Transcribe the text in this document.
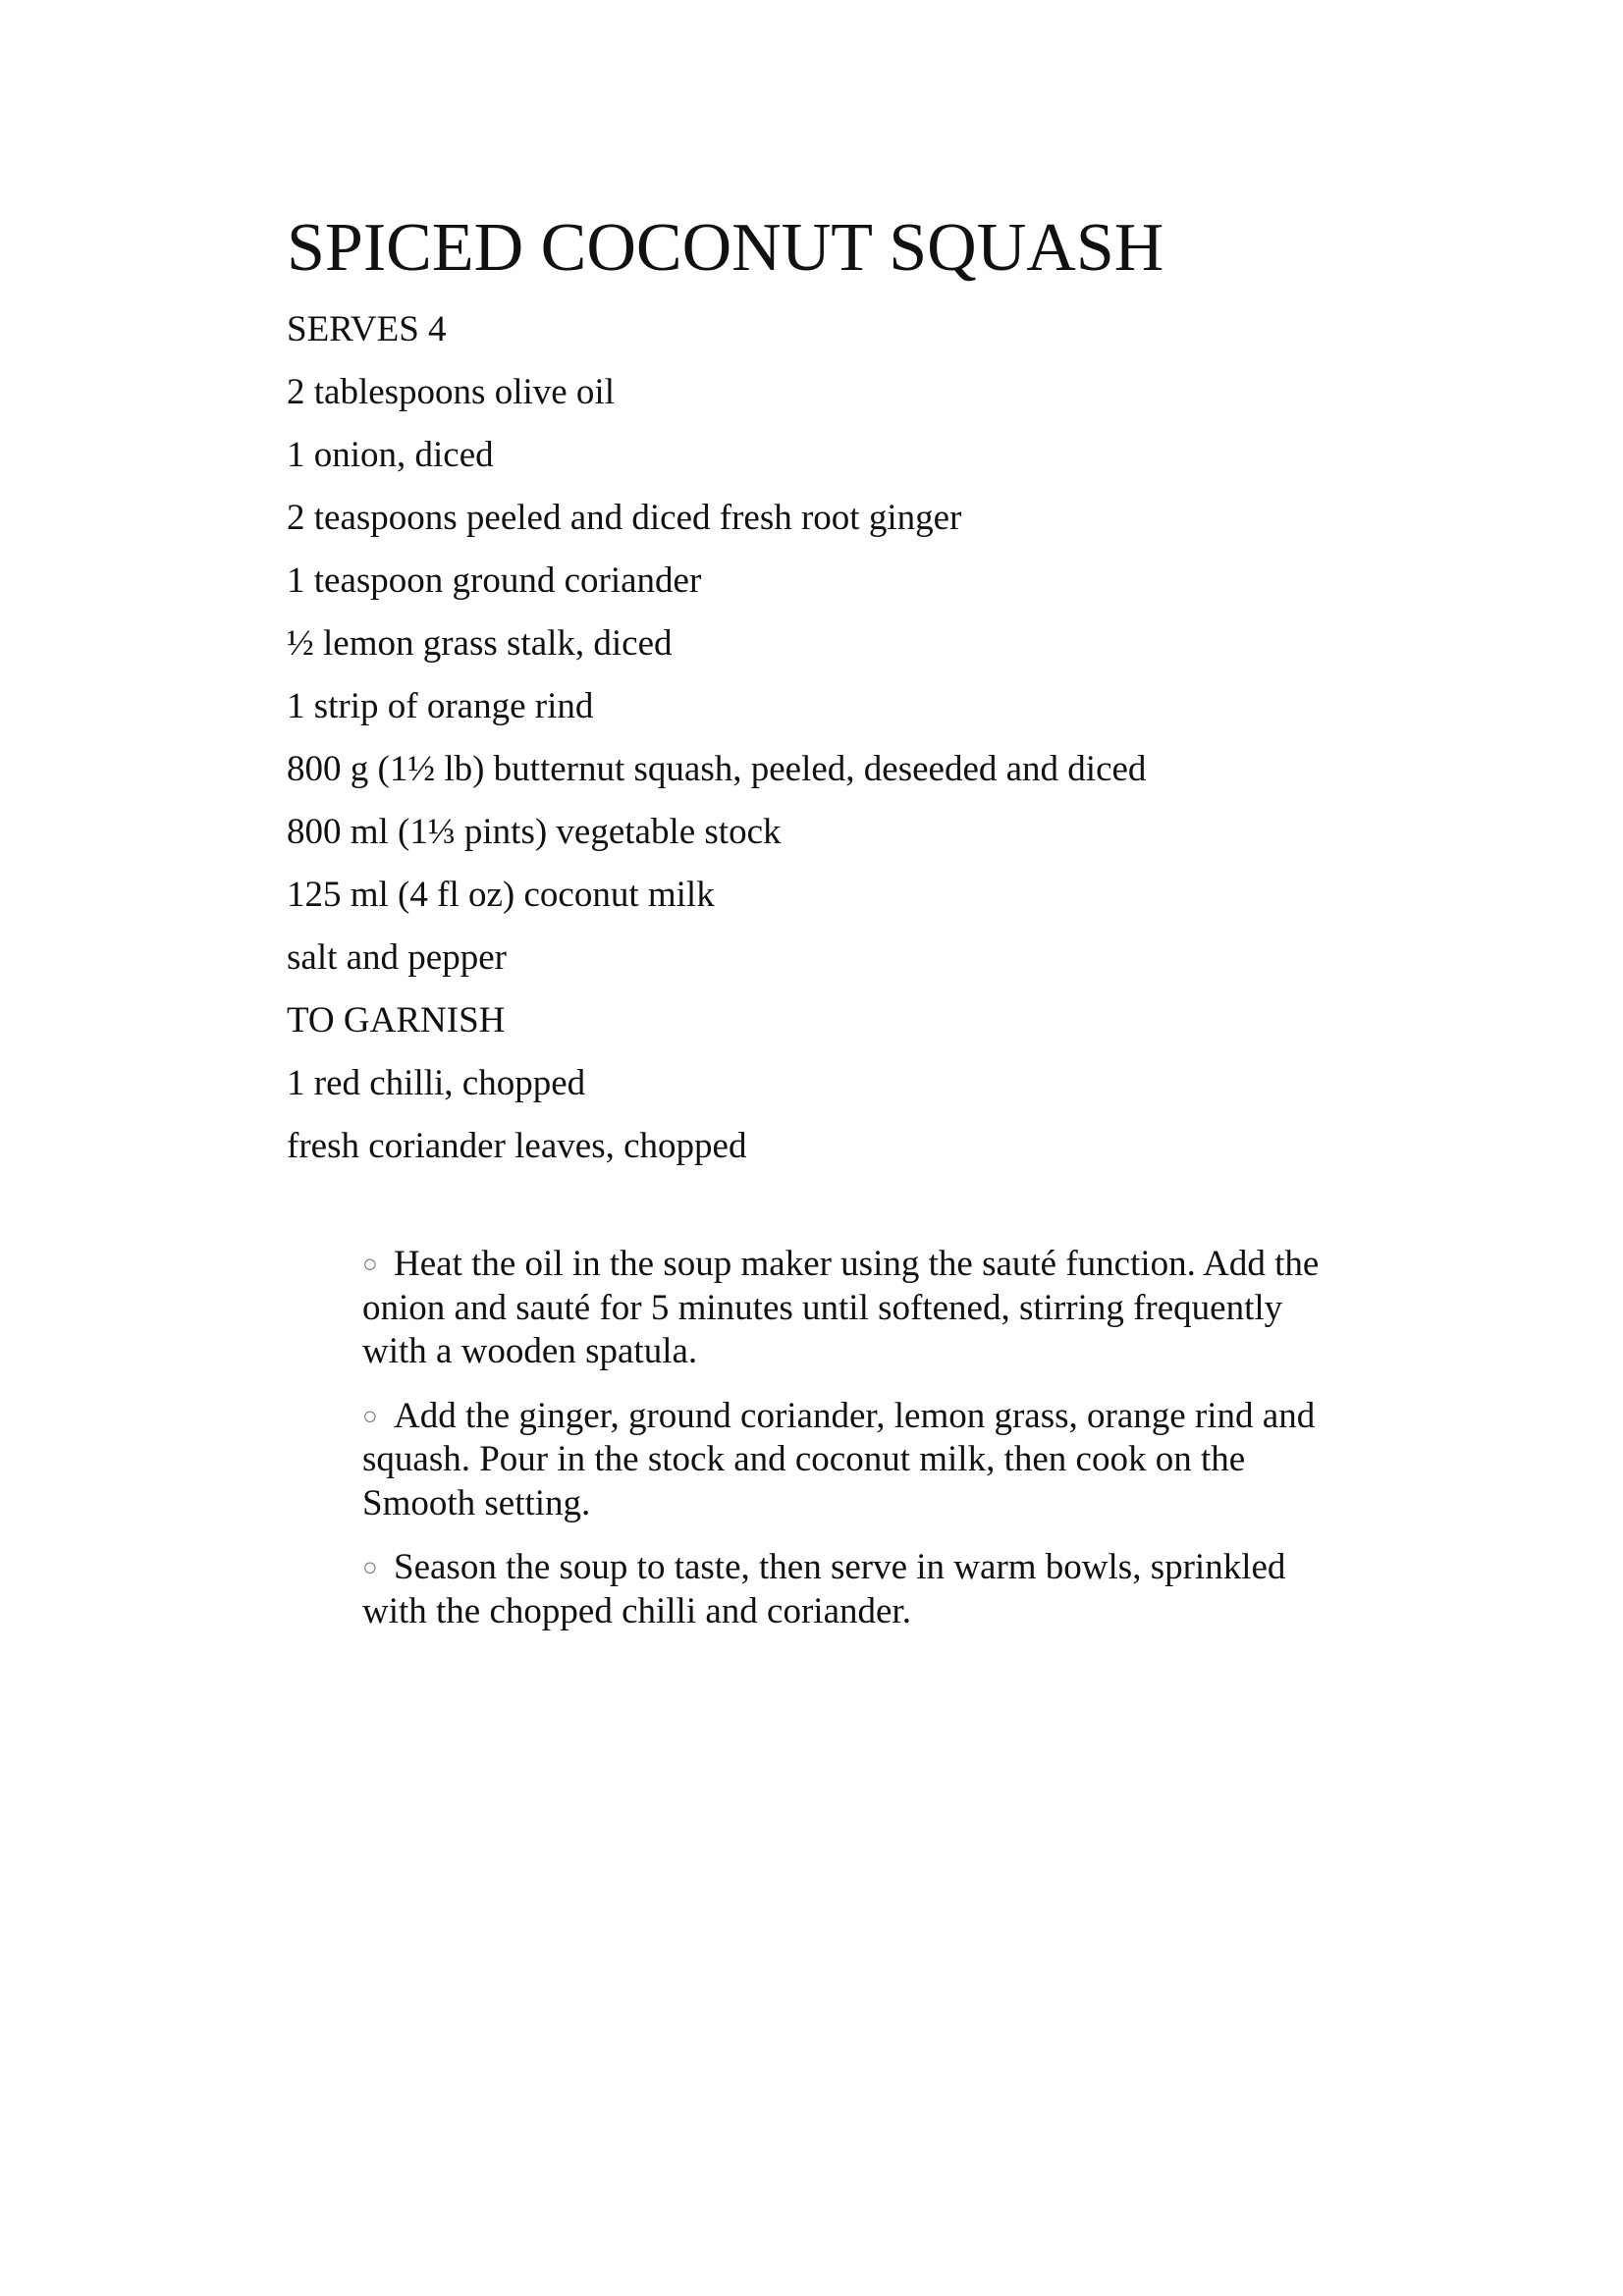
SPICED COCONUT SQUASH
SERVES 4
2 tablespoons olive oil
1 onion, diced
2 teaspoons peeled and diced fresh root ginger
1 teaspoon ground coriander
½ lemon grass stalk, diced
1 strip of orange rind
800 g (1½ lb) butternut squash, peeled, deseeded and diced
800 ml (1⅓ pints) vegetable stock
125 ml (4 fl oz) coconut milk
salt and pepper
TO GARNISH
1 red chilli, chopped
fresh coriander leaves, chopped
○ Heat the oil in the soup maker using the sauté function. Add the onion and sauté for 5 minutes until softened, stirring frequently with a wooden spatula.
○ Add the ginger, ground coriander, lemon grass, orange rind and squash. Pour in the stock and coconut milk, then cook on the Smooth setting.
○ Season the soup to taste, then serve in warm bowls, sprinkled with the chopped chilli and coriander.
